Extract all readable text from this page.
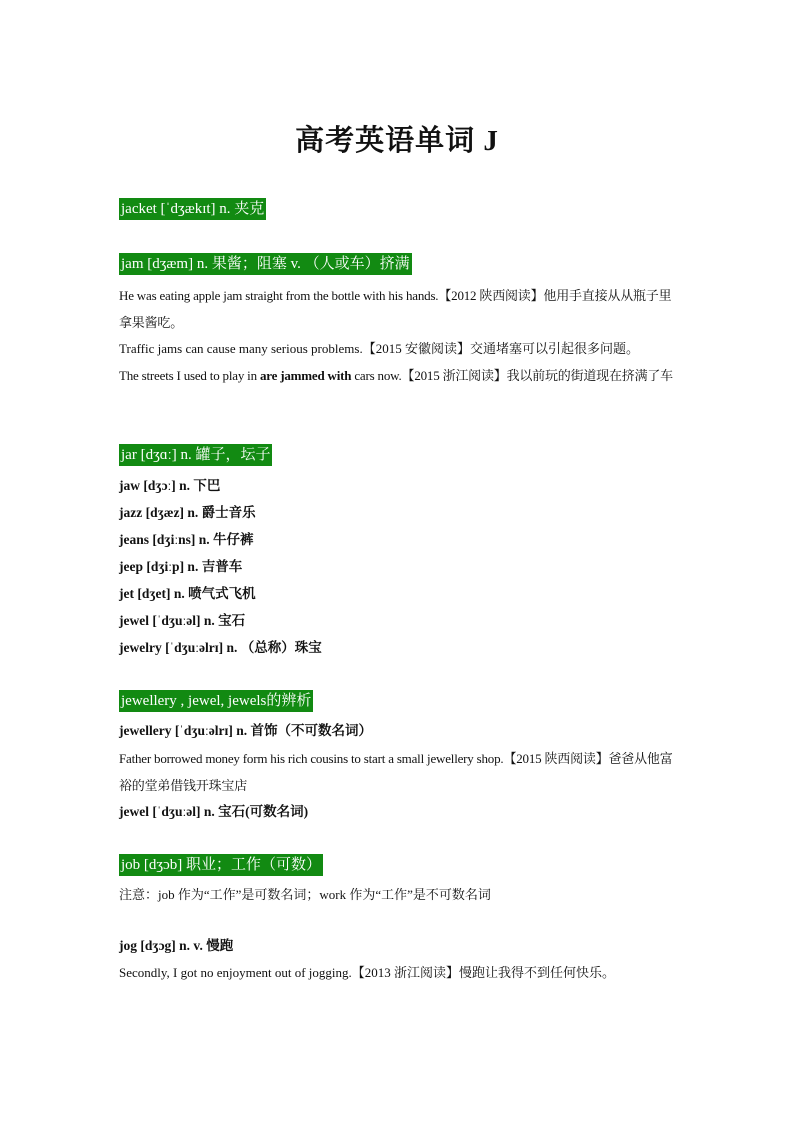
高考英语单词 J
jacket [ˈdʒækɪt] n. 夹克
jam [dʒæm] n. 果酱；阻塞 v. （人或车）挤满
He was eating apple jam straight from the bottle with his hands.【2012 陕西阅读】他用手直接从从瓶子里拿果酱吃。
Traffic jams can cause many serious problems.【2015 安徽阅读】交通堵塞可以引起很多问题。
The streets I used to play in are jammed with cars now.【2015 浙江阅读】我以前玩的街道现在挤满了车
jar [dʒɑː] n. 罐子，坛子
jaw [dʒɔː] n. 下巴
jazz [dʒæz] n. 爵士音乐
jeans [dʒiːns] n. 牛仔裤
jeep [dʒiːp] n. 吉普车
jet [dʒet] n. 喷气式飞机
jewel [ˈdʒuːəl] n. 宝石
jewelry [ˈdʒuːəlrɪ] n. （总称）珠宝
jewellery , jewel, jewels的辨析
jewellery [ˈdʒuːəlrɪ] n. 首饰（不可数名词）
Father borrowed money form his rich cousins to start a small jewellery shop.【2015 陕西阅读】爸爸从他富裕的堂弟借钱开珠宝店
jewel [ˈdʒuːəl] n. 宝石(可数名词)
job [dʒɔb] 职业；工作（可数）
注意：job 作为“工作”是可数名词；work 作为“工作”是不可数名词
jog [dʒɔg] n. v. 慢跑
Secondly, I got no enjoyment out of jogging.【2013 浙江阅读】慢跑让我得不到任何快乐。
